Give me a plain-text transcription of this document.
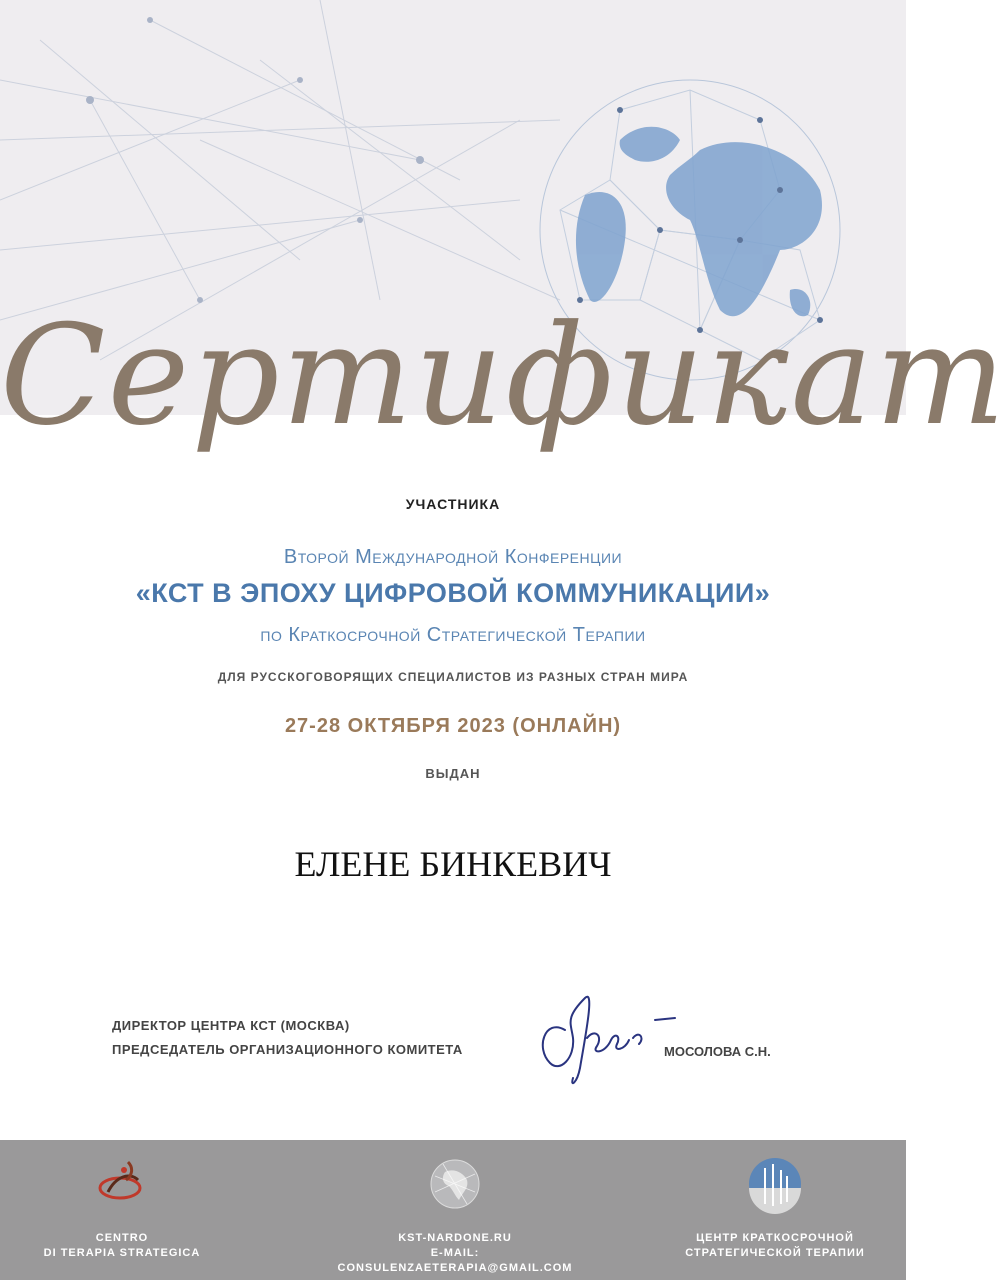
Сертификат
УЧАСТНИКА
Второй Международной Конференции
«КСТ В ЭПОХУ ЦИФРОВОЙ КОММУНИКАЦИИ»
по Краткосрочной Стратегической Терапии
ДЛЯ РУССКОГОВОРЯЩИХ СПЕЦИАЛИСТОВ ИЗ РАЗНЫХ СТРАН МИРА
27-28 ОКТЯБРЯ 2023 (ОНЛАЙН)
ВЫДАН
ЕЛЕНЕ БИНКЕВИЧ
ДИРЕКТОР ЦЕНТРА КСТ (МОСКВА)
ПРЕДСЕДАТЕЛЬ ОРГАНИЗАЦИОННОГО КОМИТЕТА	МОСОЛОВА С.Н.
CENTRO
DI TERAPIA STRATEGICA
KST-NARDONE.RU
E-MAIL: CONSULENZAETERAPIA@GMAIL.COM
ЦЕНТР КРАТКОСРОЧНОЙ
СТРАТЕГИЧЕСКОЙ ТЕРАПИИ
